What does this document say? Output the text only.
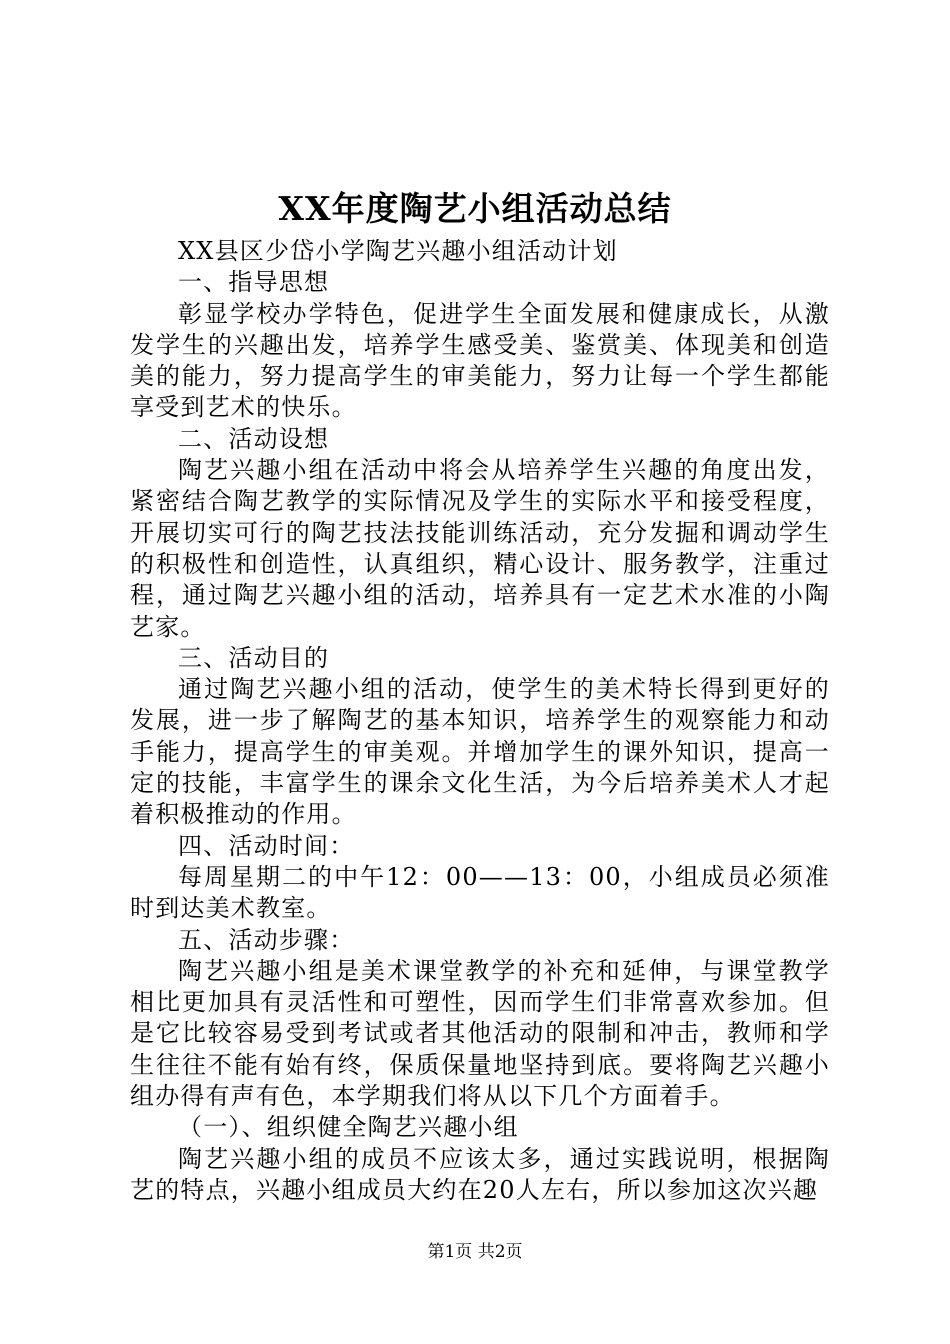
XX年度陶艺小组活动总结

XX县区少岱小学陶艺兴趣小组活动计划

一、指导思想

彰显学校办学特色，促进学生全面发展和健康成长，从激发学生的兴趣出发，培养学生感受美、鉴赏美、体现美和创造美的能力，努力提高学生的审美能力，努力让每一个学生都能享受到艺术的快乐。

二、活动设想

陶艺兴趣小组在活动中将会从培养学生兴趣的角度出发，紧密结合陶艺教学的实际情况及学生的实际水平和接受程度，开展切实可行的陶艺技法技能训练活动，充分发掘和调动学生的积极性和创造性，认真组织，精心设计、服务教学，注重过程，通过陶艺兴趣小组的活动，培养具有一定艺术水准的小陶艺家。

三、活动目的

通过陶艺兴趣小组的活动，使学生的美术特长得到更好的发展，进一步了解陶艺的基本知识，培养学生的观察能力和动手能力，提高学生的审美观。并增加学生的课外知识，提高一定的技能，丰富学生的课余文化生活，为今后培养美术人才起着积极推动的作用。

四、活动时间：

每周星期二的中午12：00——13：00，小组成员必须准时到达美术教室。

五、活动步骤：

陶艺兴趣小组是美术课堂教学的补充和延伸，与课堂教学相比更加具有灵活性和可塑性，因而学生们非常喜欢参加。但是它比较容易受到考试或者其他活动的限制和冲击，教师和学生往往不能有始有终，保质保量地坚持到底。要将陶艺兴趣小组办得有声有色，本学期我们将从以下几个方面着手。

（一）、组织健全陶艺兴趣小组

陶艺兴趣小组的成员不应该太多，通过实践说明，根据陶艺的特点，兴趣小组成员大约在20人左右，所以参加这次兴趣

第1页 共2页
